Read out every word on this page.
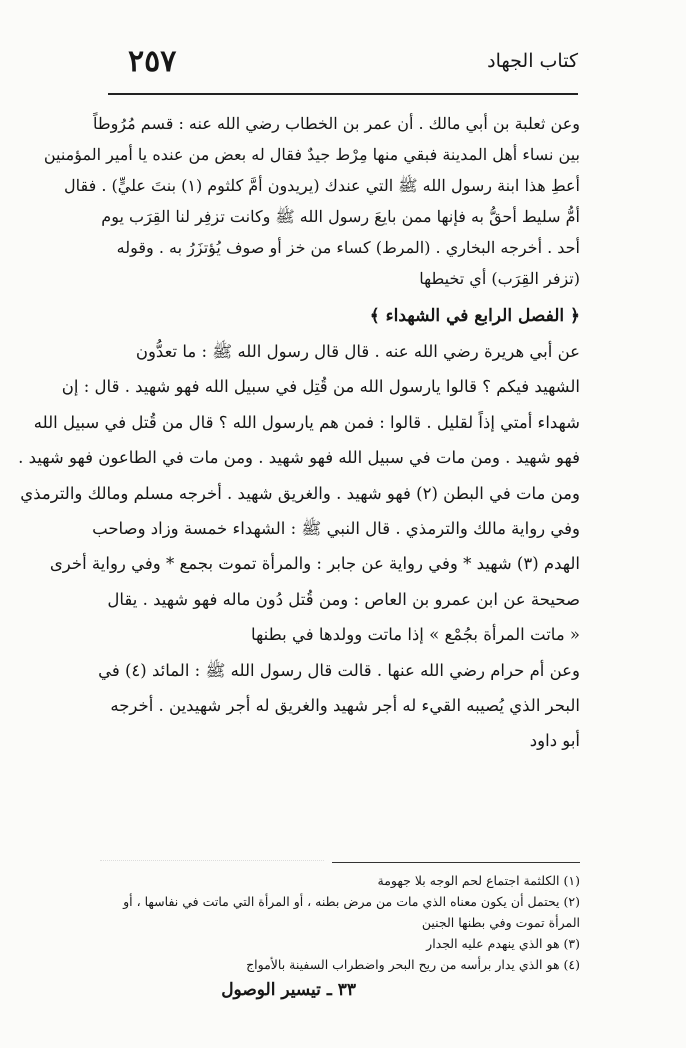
كتاب الجهاد
٢٥٧
وعن ثعلبة بن أبي مالك . أن عمر بن الخطاب رضي الله عنه : قسم مُرُوطاً
بين نساء أهل المدينة فبقي منها مِرْط جيدٌ فقال له بعض من عنده يا أمير المؤمنين
أعطِ هذا ابنة رسول الله ﷺ التي عندك (يريدون أمَّ كلثوم (١) بنتَ عليٍّ) . فقال
أمُّ سليط أحقُّ به فإنها ممن بايعَ رسول الله ﷺ وكانت تزفِر لنا القِرَب يوم
أحد . أخرجه البخاري . (المرط) كساء من خز أو صوف يُؤتزَرُ به . وقوله
(تزفر القِرَب) أي تخيطها
﴿ الفصل الرابع في الشهداء ﴾
عن أبي هريرة رضي الله عنه . قال قال رسول الله ﷺ : ما تعدُّون
الشهيد فيكم ؟ قالوا يارسول الله من قُتِل في سبيل الله فهو شهيد . قال : إن
شهداء أمتي إذاً لقليل . قالوا : فمن هم يارسول الله ؟ قال من قُتل في سبيل الله
فهو شهيد . ومن مات في سبيل الله فهو شهيد . ومن مات في الطاعون فهو شهيد .
ومن مات في البطن (٢) فهو شهيد . والغريق شهيد . أخرجه مسلم ومالك والترمذي
وفي رواية مالك والترمذي . قال النبي ﷺ : الشهداء خمسة وزاد وصاحب
الهدم (٣) شهيد * وفي رواية عن جابر : والمرأة تموت بجمع * وفي رواية أخرى
صحيحة عن ابن عمرو بن العاص : ومن قُتل دُون ماله فهو شهيد . يقال
« ماتت المرأة بجُمْع » إذا ماتت وولدها في بطنها
وعن أم حرام رضي الله عنها . قالت قال رسول الله ﷺ : المائد (٤) في
البحر الذي يُصيبه القيء له أجر شهيد والغريق له أجر شهيدين . أخرجه
أبو داود
(١) الكلثمة اجتماع لحم الوجه بلا جهومة
(٢) يحتمل أن يكون معناه الذي مات من مرض بطنه ، أو المرأة التي ماتت في نفاسها ، أو
المرأة تموت وفي بطنها الجنين
(٣) هو الذي ينهدم عليه الجدار
(٤) هو الذي يدار برأسه من ريح البحر واضطراب السفينة بالأمواج
٣٣ ـ تيسير الوصول
